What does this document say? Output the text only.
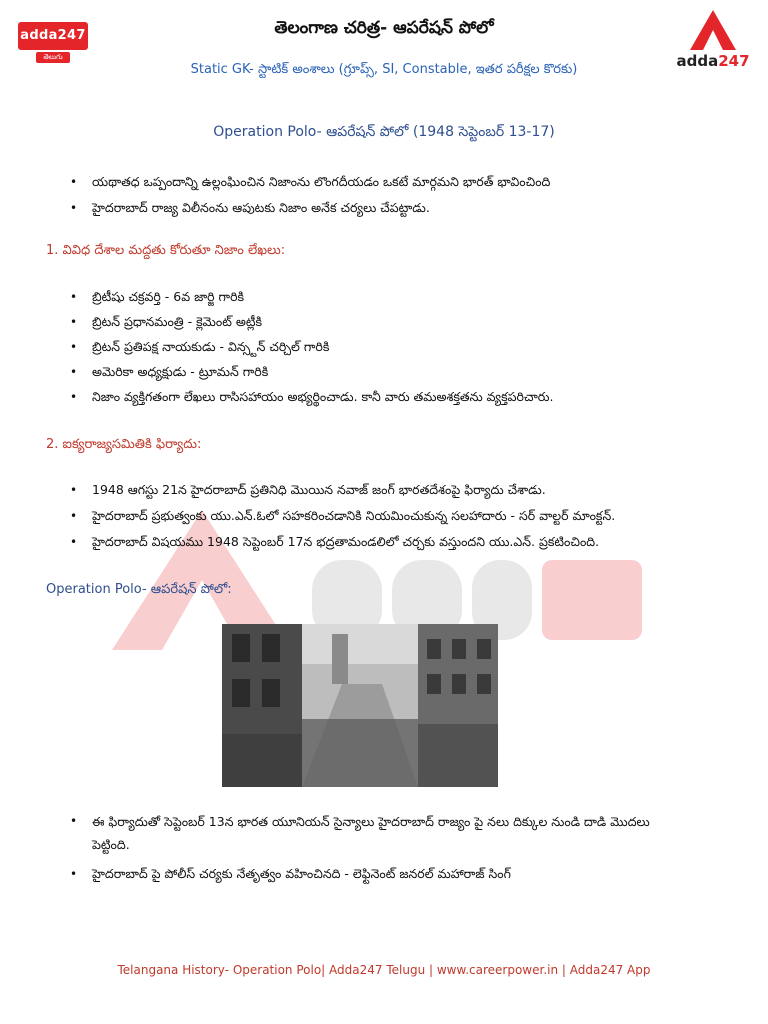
adda247
తెలుగు	adda247
తెలంగాణ చరిత్ర- ఆపరేషన్ పోలో
Static GK- స్టాటిక్ అంశాలు (గ్రూప్స్, SI, Constable, ఇతర పరీక్షల కొరకు)
Operation Polo- ఆపరేషన్ పోలో (1948 సెప్టెంబర్ 13-17)
• యథాతధ ఒప్పందాన్ని ఉల్లంఘించిన నిజాంను లొంగదీయడం ఒకటే మార్గమని భారత్ భావించింది
• హైదరాబాద్ రాజ్య విలీనంను ఆపుటకు నిజాం అనేక చర్యలు చేపట్టాడు.
1. వివిధ దేశాల మద్దతు కోరుతూ నిజాం లేఖలు:
• బ్రిటీషు చక్రవర్తి - 6వ జార్జి గారికి
• బ్రిటన్ ప్రధానమంత్రి - క్లెమెంట్ అట్లీకి
• బ్రిటన్ ప్రతిపక్ష నాయకుడు - విన్స్టన్ చర్చిల్ గారికి
• అమెరికా అధ్యక్షుడు - ట్రూమన్ గారికి
• నిజాం వ్యక్తిగతంగా లేఖలు రాసిసహాయం అభ్యర్థించాడు. కానీ వారు తమఅశక్తతను వ్యక్తపరిచారు.
2. ఐక్యరాజ్యసమితికి ఫిర్యాదు:
• 1948 ఆగస్టు 21న హైదరాబాద్ ప్రతినిధి మొయిన నవాజ్ జంగ్ భారతదేశంపై ఫిర్యాదు చేశాడు.
• హైదరాబాద్ ప్రభుత్వంకు యు.ఎన్.ఓలో సహకరించడానికి నియమించుకున్న సలహాదారు - సర్ వాల్టర్ మాంక్టన్.
• హైదరాబాద్ విషయము 1948 సెప్టెంబర్ 17న భద్రతామండలిలో చర్చకు వస్తుందని యు.ఎన్. ప్రకటించింది.
Operation Polo- ఆపరేషన్ పోలో:
• ఈ ఫిర్యాదుతో సెప్టెంబర్ 13న భారత యూనియన్ సైన్యాలు హైదరాబాద్ రాజ్యం పై నలు దిక్కుల నుండి దాడి మొదలు పెట్టింది.
• హైదరాబాద్ పై పోలీస్ చర్యకు నేతృత్వం వహించినది - లెఫ్టినెంట్ జనరల్ మహారాజ్ సింగ్
Telangana History- Operation Polo| Adda247 Telugu | www.careerpower.in | Adda247 App
